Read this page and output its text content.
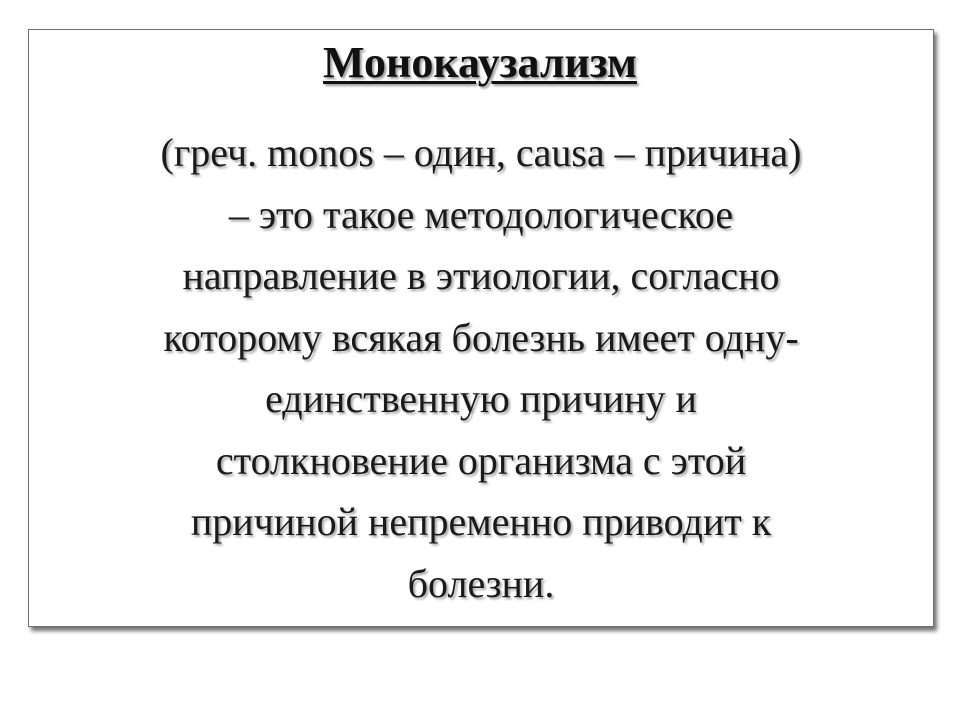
Монокаузализм
(греч. monos – один, causa – причина)
– это такое методологическое
направление в этиологии, согласно
которому всякая болезнь имеет одну-
единственную причину и
столкновение организма с этой
причиной непременно приводит к
болезни.
